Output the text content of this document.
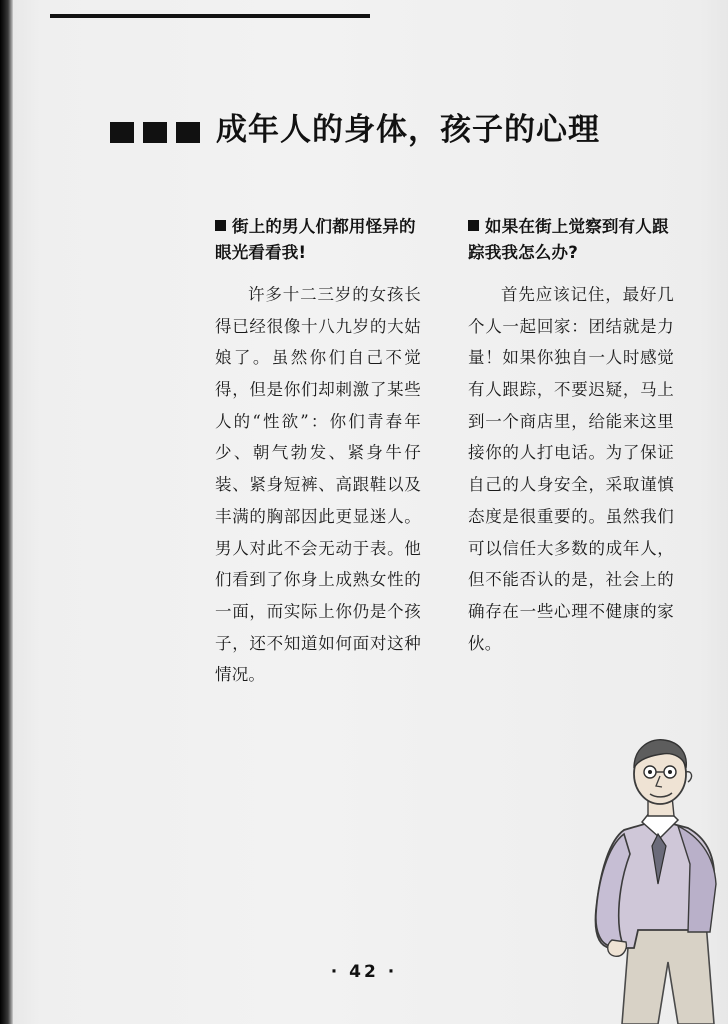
成年人的身体，孩子的心理

街上的男人们都用怪异的眼光看看我!

许多十二三岁的女孩长得已经很像十八九岁的大姑娘了。虽然你们自己不觉得，但是你们却刺激了某些人的“性欲”：你们青春年少、朝气勃发、紧身牛仔装、紧身短裤、高跟鞋以及丰满的胸部因此更显迷人。男人对此不会无动于表。他们看到了你身上成熟女性的一面，而实际上你仍是个孩子，还不知道如何面对这种情况。

如果在街上觉察到有人跟踪我我怎么办?

首先应该记住，最好几个人一起回家：团结就是力量！如果你独自一人时感觉有人跟踪，不要迟疑，马上到一个商店里，给能来这里接你的人打电话。为了保证自己的人身安全，采取谨慎态度是很重要的。虽然我们可以信任大多数的成年人，但不能否认的是，社会上的确存在一些心理不健康的家伙。

· 42 ·
